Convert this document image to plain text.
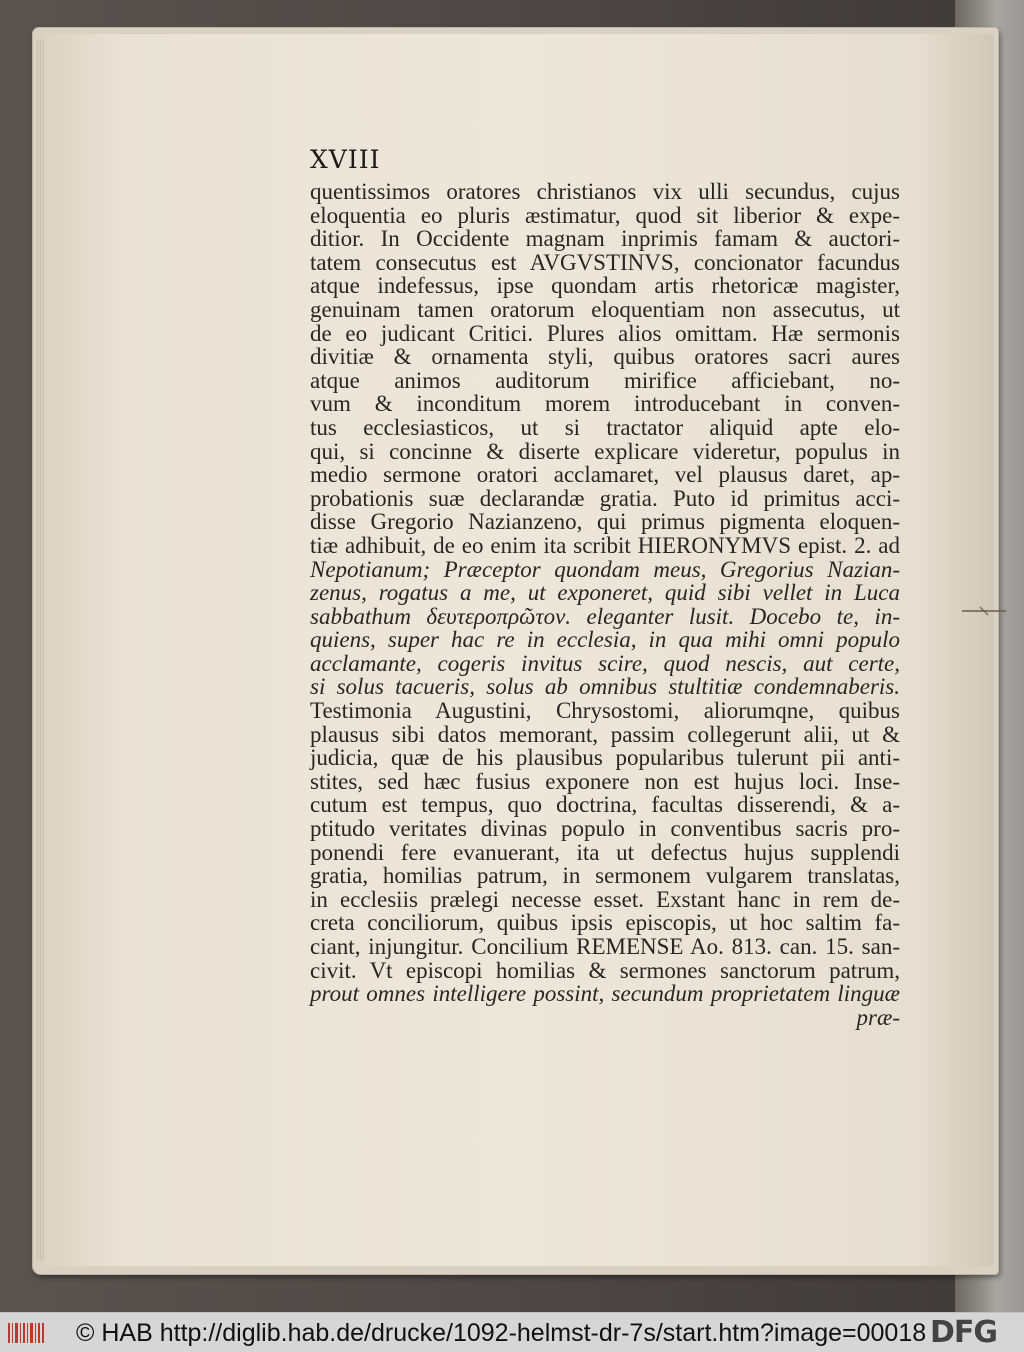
XVIII
quentissimos oratores christianos vix ulli secundus, cujus
eloquentia eo pluris æstimatur, quod sit liberior & expe-
ditior. In Occidente magnam inprimis famam & auctori-
tatem consecutus est AVGVSTINVS, concionator facundus
atque indefessus, ipse quondam artis rhetoricæ magister,
genuinam tamen oratorum eloquentiam non assecutus, ut
de eo judicant Critici. Plures alios omittam. Hæ sermonis
divitiæ & ornamenta styli, quibus oratores sacri aures
atque animos auditorum mirifice afficiebant, no-
vum & inconditum morem introducebant in conven-
tus ecclesiasticos, ut si tractator aliquid apte elo-
qui, si concinne & diserte explicare videretur, populus in
medio sermone oratori acclamaret, vel plausus daret, ap-
probationis suæ declarandæ gratia. Puto id primitus acci-
disse Gregorio Nazianzeno, qui primus pigmenta eloquen-
tiæ adhibuit, de eo enim ita scribit HIERONYMVS epist. 2. ad
Nepotianum; Præceptor quondam meus, Gregorius Nazian-
zenus, rogatus a me, ut exponeret, quid sibi vellet in Luca
sabbathum δευτεροπρῶτον. eleganter lusit. Docebo te, in-
quiens, super hac re in ecclesia, in qua mihi omni populo
acclamante, cogeris invitus scire, quod nescis, aut certe,
si solus tacueris, solus ab omnibus stultitiæ condemnaberis.
Testimonia Augustini, Chrysostomi, aliorumqne, quibus
plausus sibi datos memorant, passim collegerunt alii, ut &
judicia, quæ de his plausibus popularibus tulerunt pii anti-
stites, sed hæc fusius exponere non est hujus loci. Inse-
cutum est tempus, quo doctrina, facultas disserendi, & a-
ptitudo veritates divinas populo in conventibus sacris pro-
ponendi fere evanuerant, ita ut defectus hujus supplendi
gratia, homilias patrum, in sermonem vulgarem translatas,
in ecclesiis prælegi necesse esset. Exstant hanc in rem de-
creta conciliorum, quibus ipsis episcopis, ut hoc saltim fa-
ciant, injungitur. Concilium REMENSE Ao. 813. can. 15. san-
civit. Vt episcopi homilias & sermones sanctorum patrum,
prout omnes intelligere possint, secundum proprietatem linguæ
præ-
© HAB http://diglib.hab.de/drucke/1092-helmst-dr-7s/start.htm?image=00018 DFG
